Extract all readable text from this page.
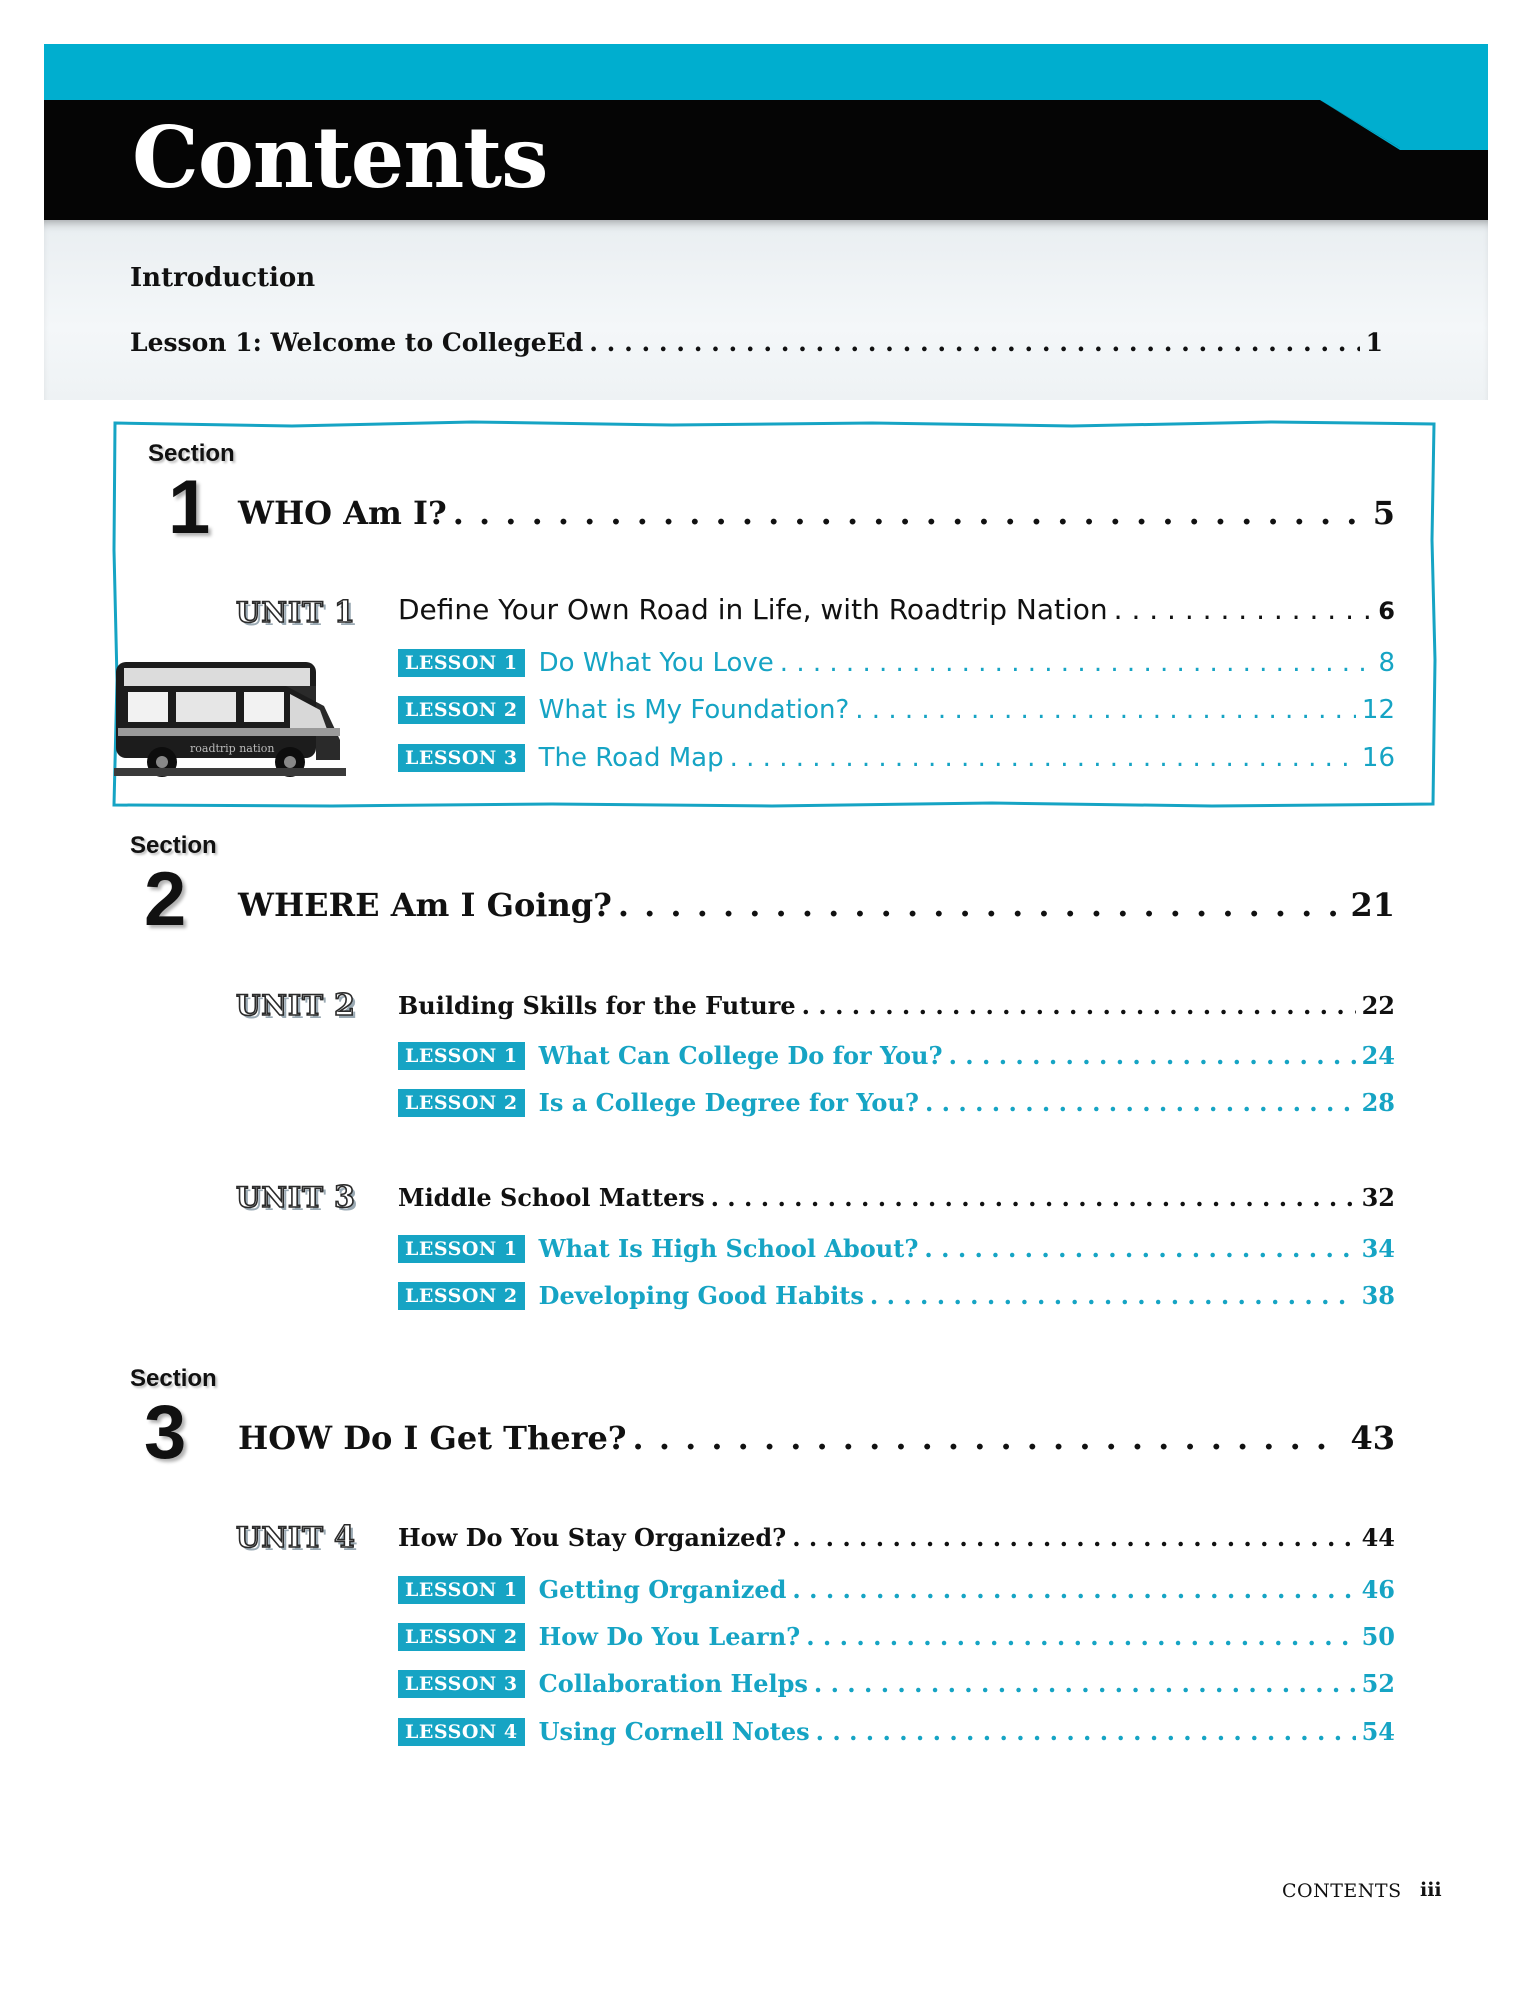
Contents
Introduction
Lesson 1: Welcome to CollegeEd . . .	1
roadtrip nation
Section
1 WHO Am I? . . .	5
UNIT 1 Define Your Own Road in Life, with Roadtrip Nation . . .	6
LESSON 1 Do What You Love . . .	8
LESSON 2 What is My Foundation? . . .	12
LESSON 3 The Road Map . . .	16
Section
2 WHERE Am I Going? . . .	21
UNIT 2 Building Skills for the Future . . .	22
LESSON 1 What Can College Do for You? . . .	24
LESSON 2 Is a College Degree for You? . . .	28
UNIT 3 Middle School Matters . . .	32
LESSON 1 What Is High School About? . . .	34
LESSON 2 Developing Good Habits . . .	38
Section
3 HOW Do I Get There? . . .	43
UNIT 4 How Do You Stay Organized? . . .	44
LESSON 1 Getting Organized . . .	46
LESSON 2 How Do You Learn? . . .	50
LESSON 3 Collaboration Helps . . .	52
LESSON 4 Using Cornell Notes . . .	54
CONTENTS iii
